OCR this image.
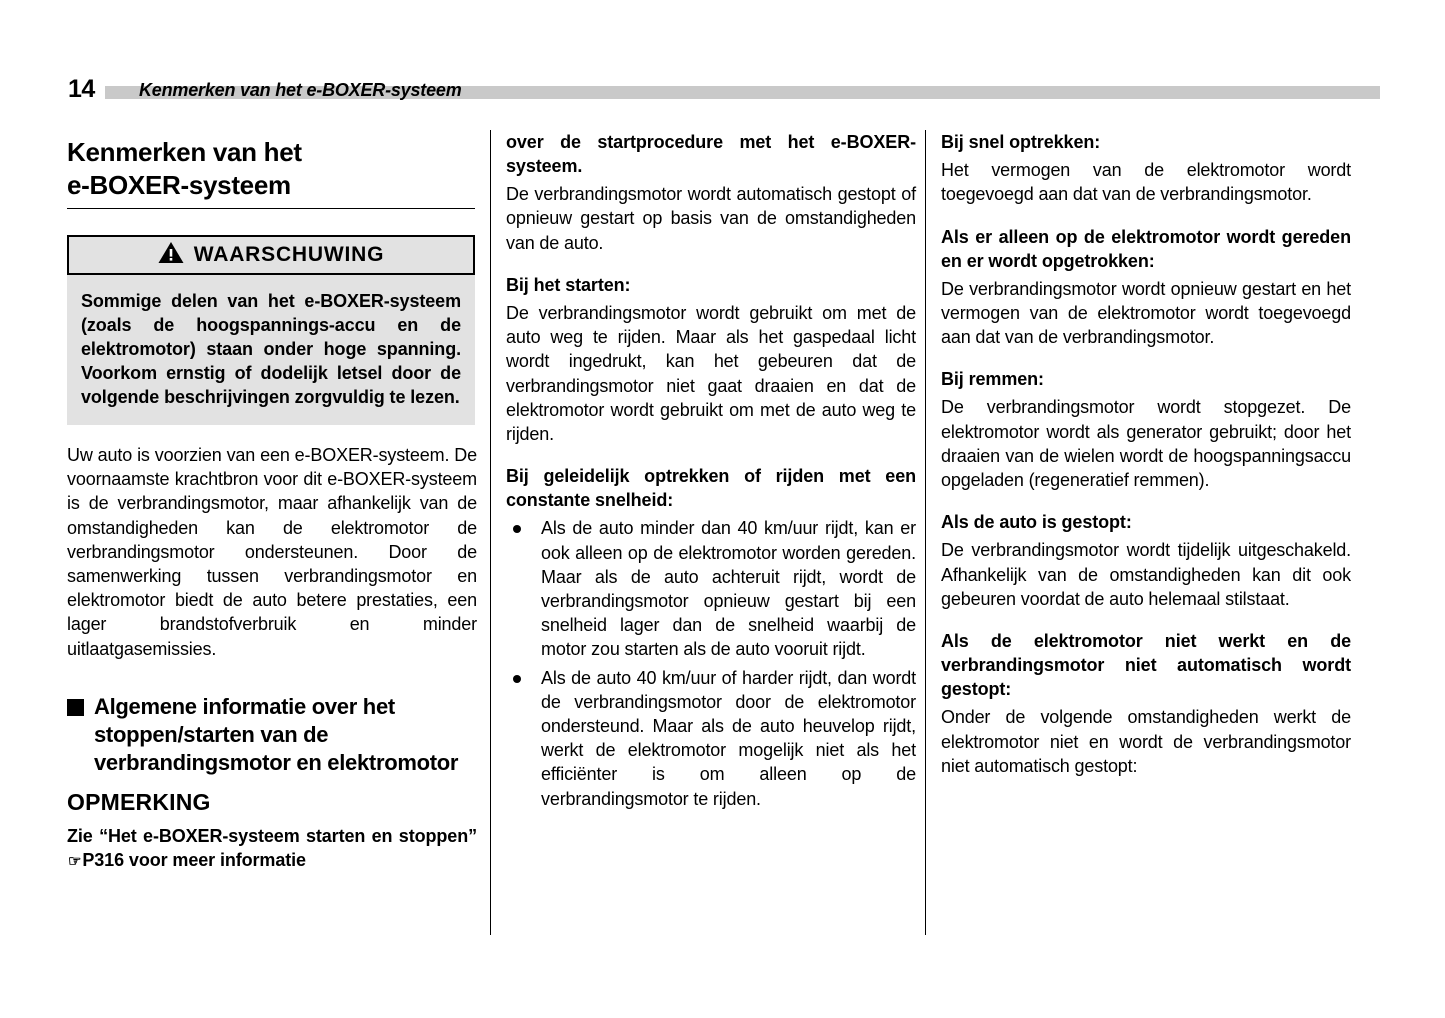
14 Kenmerken van het e-BOXER-systeem
Kenmerken van het
e-BOXER-systeem
WAARSCHUWING
Sommige delen van het e-BOXER-systeem (zoals de hoogspannings-accu en de elektromotor) staan onder hoge spanning. Voorkom ernstig of dodelijk letsel door de volgende beschrijvingen zorgvuldig te lezen.

Uw auto is voorzien van een e-BOXER-systeem. De voornaamste krachtbron voor dit e-BOXER-systeem is de verbrandingsmotor, maar afhankelijk van de omstandigheden kan de elektromotor de verbrandingsmotor ondersteunen. Door de samenwerking tussen verbrandingsmotor en elektromotor biedt de auto betere prestaties, een lager brandstofverbruik en minder uitlaatgasemissies.

Algemene informatie over het stoppen/starten van de verbrandingsmotor en elektromotor
OPMERKING
Zie “Het e-BOXER-systeem starten en stoppen” ☞P316 voor meer informatie
over de startprocedure met het e-BOXER-systeem.

De verbrandingsmotor wordt automatisch gestopt of opnieuw gestart op basis van de omstandigheden van de auto.

Bij het starten:

De verbrandingsmotor wordt gebruikt om met de auto weg te rijden. Maar als het gaspedaal licht wordt ingedrukt, kan het gebeuren dat de verbrandingsmotor niet gaat draaien en dat de elektromotor wordt gebruikt om met de auto weg te rijden.

Bij geleidelijk optrekken of rijden met een constante snelheid:
Als de auto minder dan 40 km/uur rijdt, kan er ook alleen op de elektromotor worden gereden. Maar als de auto achteruit rijdt, wordt de verbrandingsmotor opnieuw gestart bij een snelheid lager dan de snelheid waarbij de motor zou starten als de auto vooruit rijdt.
Als de auto 40 km/uur of harder rijdt, dan wordt de verbrandingsmotor door de elektromotor ondersteund. Maar als de auto heuvelop rijdt, werkt de elektromotor mogelijk niet als het efficiënter is om alleen op de verbrandingsmotor te rijden.
Bij snel optrekken:

Het vermogen van de elektromotor wordt toegevoegd aan dat van de verbrandingsmotor.

Als er alleen op de elektromotor wordt gereden en er wordt opgetrokken:

De verbrandingsmotor wordt opnieuw gestart en het vermogen van de elektromotor wordt toegevoegd aan dat van de verbrandingsmotor.

Bij remmen:

De verbrandingsmotor wordt stopgezet. De elektromotor wordt als generator gebruikt; door het draaien van de wielen wordt de hoogspanningsaccu opgeladen (regeneratief remmen).

Als de auto is gestopt:

De verbrandingsmotor wordt tijdelijk uitgeschakeld. Afhankelijk van de omstandigheden kan dit ook gebeuren voordat de auto helemaal stilstaat.

Als de elektromotor niet werkt en de verbrandingsmotor niet automatisch wordt gestopt:

Onder de volgende omstandigheden werkt de elektromotor niet en wordt de verbrandingsmotor niet automatisch gestopt:
